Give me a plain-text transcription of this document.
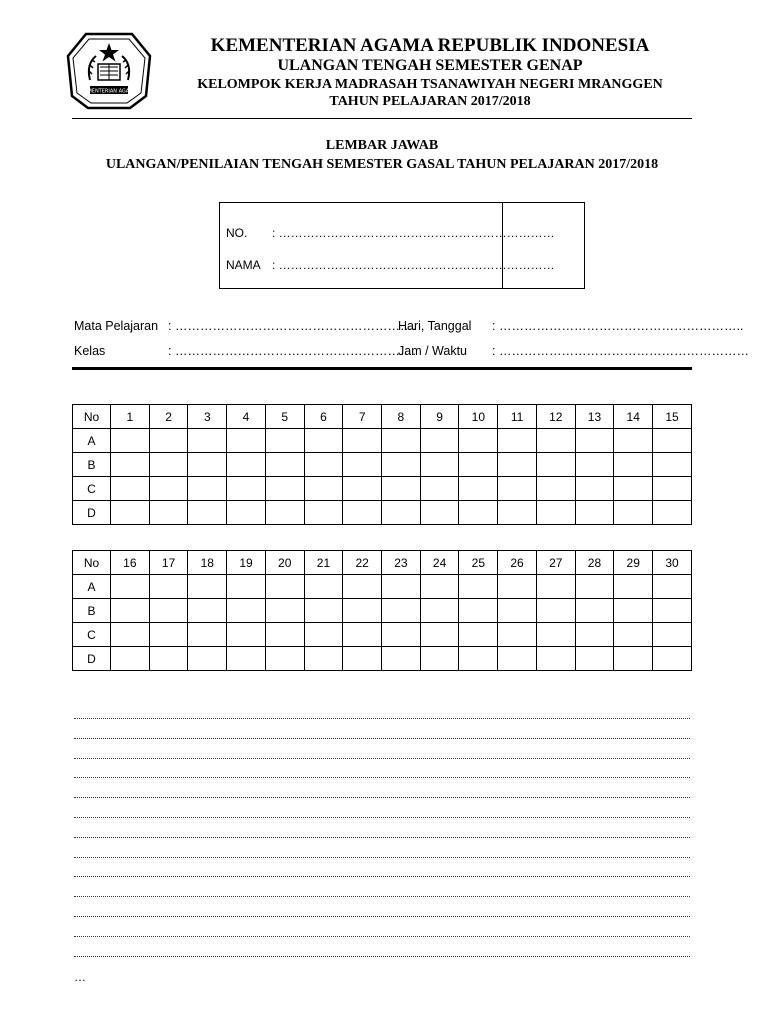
KEMENTERIAN AGAMA
KEMENTERIAN AGAMA REPUBLIK INDONESIA
ULANGAN TENGAH SEMESTER GENAP
KELOMPOK KERJA MADRASAH TSANAWIYAH NEGERI MRANGGEN
TAHUN PELAJARAN 2017/2018
LEMBAR JAWAB
ULANGAN/PENILAIAN TENGAH SEMESTER GASAL TAHUN PELAJARAN 2017/2018
NO. : ……………………………………………………………
NAMA : ……………………………………………………………
Mata Pelajaran : ………………………………………………….
Kelas	: ………………………………………………….
Hari, Tanggal : …………………………………………………..
Jam / Waktu : ……………………………………………………
No	1	2	3	4	5	6	7	8	9	10	11	12	13	14	15
A															
B															
C															
D															
No	16	17	18	19	20	21	22	23	24	25	26	27	28	29	30
A															
B															
C															
D															
…
